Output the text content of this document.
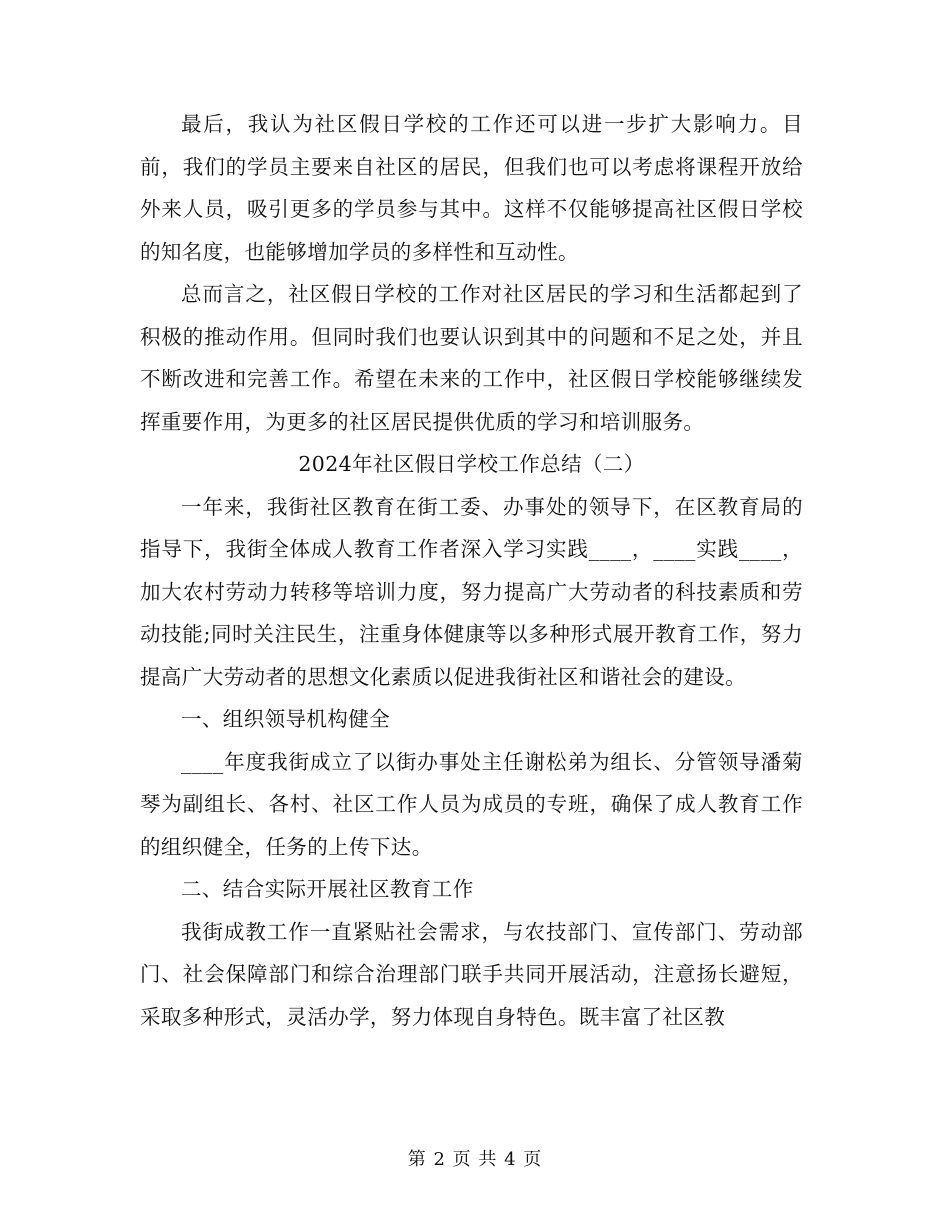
最后，我认为社区假日学校的工作还可以进一步扩大影响力。目前，我们的学员主要来自社区的居民，但我们也可以考虑将课程开放给外来人员，吸引更多的学员参与其中。这样不仅能够提高社区假日学校的知名度，也能够增加学员的多样性和互动性。

总而言之，社区假日学校的工作对社区居民的学习和生活都起到了积极的推动作用。但同时我们也要认识到其中的问题和不足之处，并且不断改进和完善工作。希望在未来的工作中，社区假日学校能够继续发挥重要作用，为更多的社区居民提供优质的学习和培训服务。

2024年社区假日学校工作总结（二）

一年来，我街社区教育在街工委、办事处的领导下，在区教育局的指导下，我街全体成人教育工作者深入学习实践____，____实践____，加大农村劳动力转移等培训力度，努力提高广大劳动者的科技素质和劳动技能;同时关注民生，注重身体健康等以多种形式展开教育工作，努力提高广大劳动者的思想文化素质以促进我街社区和谐社会的建设。

一、组织领导机构健全

____年度我街成立了以街办事处主任谢松弟为组长、分管领导潘菊琴为副组长、各村、社区工作人员为成员的专班，确保了成人教育工作的组织健全，任务的上传下达。

二、结合实际开展社区教育工作

我街成教工作一直紧贴社会需求，与农技部门、宣传部门、劳动部门、社会保障部门和综合治理部门联手共同开展活动，注意扬长避短，采取多种形式，灵活办学，努力体现自身特色。既丰富了社区教

第 2 页 共 4 页
